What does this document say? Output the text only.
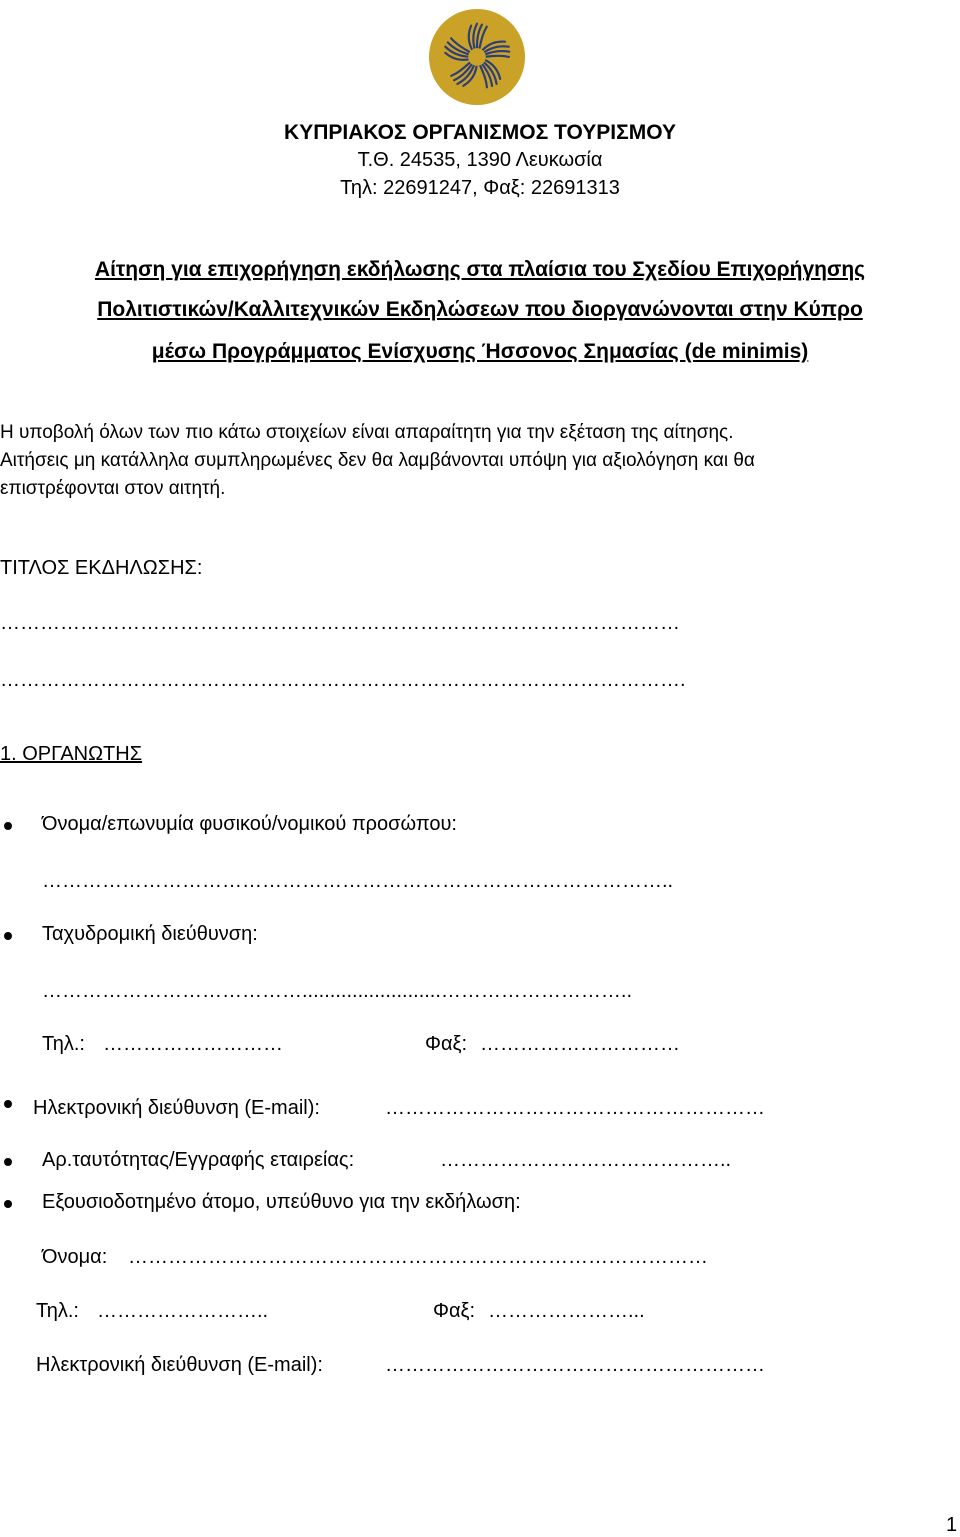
ΚΥΠΡΙΑΚΟΣ ΟΡΓΑΝΙΣΜΟΣ ΤΟΥΡΙΣΜΟΥ
Τ.Θ. 24535, 1390 Λευκωσία
Τηλ: 22691247, Φαξ: 22691313
Αίτηση για επιχορήγηση εκδήλωσης στα πλαίσια του Σχεδίου Επιχορήγησης
Πολιτιστικών/Καλλιτεχνικών Εκδηλώσεων που διοργανώνονται στην Κύπρο
μέσω Προγράμματος Ενίσχυσης Ήσσονος Σημασίας (de minimis)
Η υποβολή όλων των πιο κάτω στοιχείων είναι απαραίτητη για την εξέταση της αίτησης.
Αιτήσεις μη κατάλληλα συμπληρωμένες δεν θα λαμβάνονται υπόψη για αξιολόγηση και θα
επιστρέφονται στον αιτητή.
ΤΙΤΛΟΣ ΕΚΔΗΛΩΣΗΣ:
…………………………………………………………………………………………
………………………………………………………………………………………….
1. ΟΡΓΑΝΩΤΗΣ
Όνομα/επωνυμία φυσικού/νομικού προσώπου:
…………………………………………………………………………………..
Ταχυδρομική διεύθυνση:
………………………………….........................………………………..
Τηλ.: ………………………	Φαξ: …………………………
Ηλεκτρονική διεύθυνση (E-mail):	…………………………………………………
Αρ.ταυτότητας/Εγγραφής εταιρείας:	……………………………………..
Εξουσιοδοτημένο άτομο, υπεύθυνο για την εκδήλωση:
Όνομα: ……………………………………………………………………………
Τηλ.: ……………………..	Φαξ: …………………...
Ηλεκτρονική διεύθυνση (E-mail):	…………………………………………………
1
